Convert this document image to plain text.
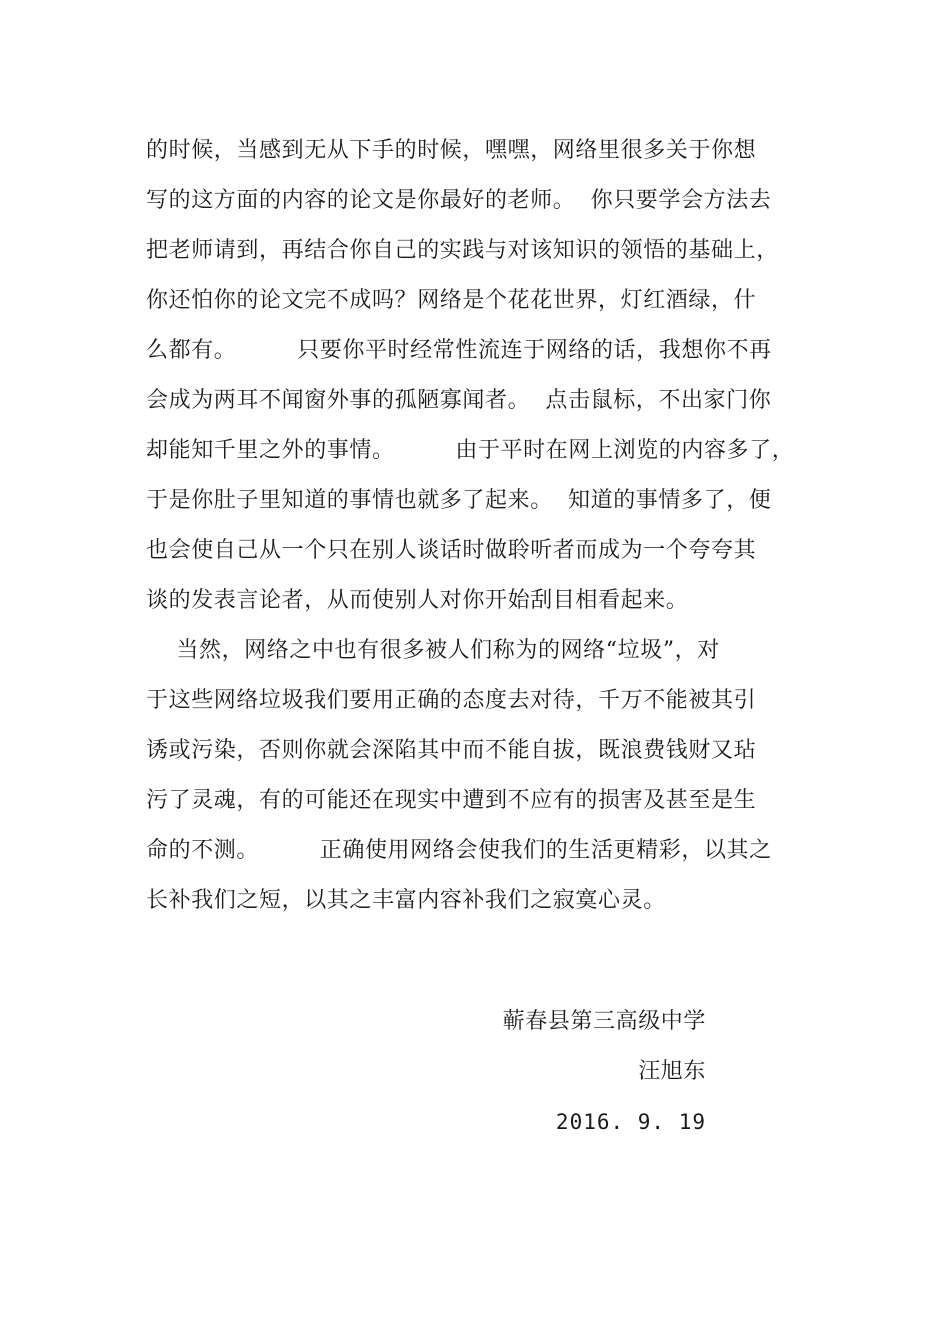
的时候，当感到无从下手的时候，嘿嘿，网络里很多关于你想
写的这方面的内容的论文是你最好的老师。  你只要学会方法去
把老师请到，再结合你自己的实践与对该知识的领悟的基础上，
你还怕你的论文完不成吗？网络是个花花世界，灯红酒绿，什
么都有。        只要你平时经常性流连于网络的话，我想你不再
会成为两耳不闻窗外事的孤陋寡闻者。  点击鼠标，不出家门你
却能知千里之外的事情。        由于平时在网上浏览的内容多了，
于是你肚子里知道的事情也就多了起来。  知道的事情多了，便
也会使自己从一个只在别人谈话时做聆听者而成为一个夸夸其
谈的发表言论者，从而使别人对你开始刮目相看起来。
当然，网络之中也有很多被人们称为的网络“垃圾”，对
于这些网络垃圾我们要用正确的态度去对待，千万不能被其引
诱或污染，否则你就会深陷其中而不能自拔，既浪费钱财又玷
污了灵魂，有的可能还在现实中遭到不应有的损害及甚至是生
命的不测。        正确使用网络会使我们的生活更精彩，以其之
长补我们之短，以其之丰富内容补我们之寂寞心灵。
蕲春县第三高级中学
汪旭东
2016. 9. 19
